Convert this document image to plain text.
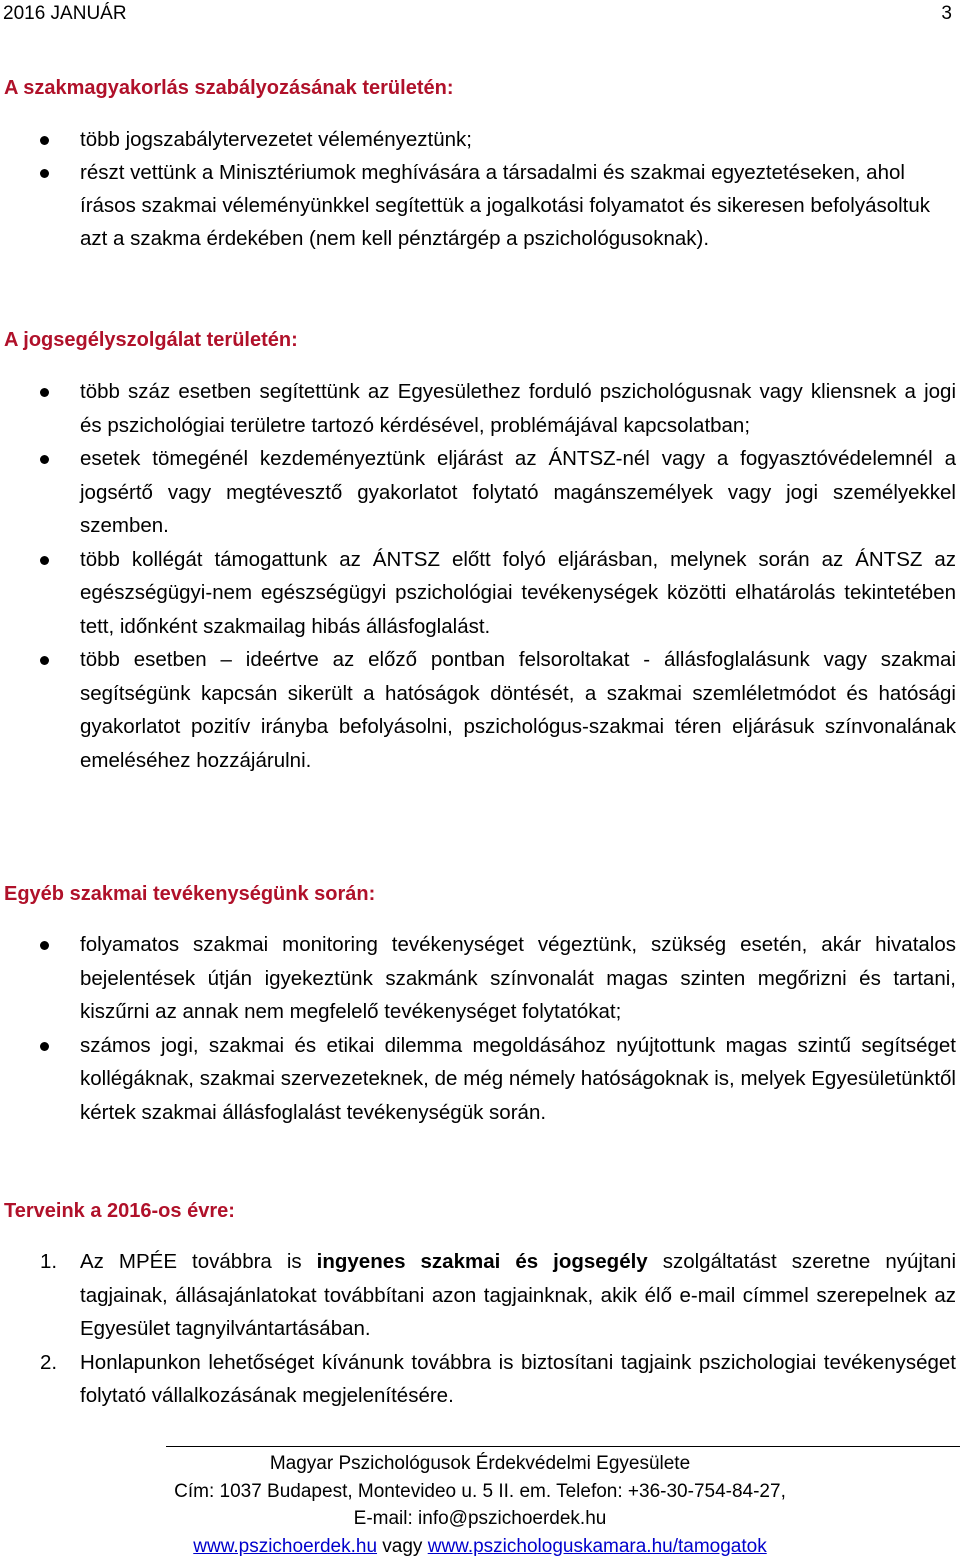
2016 JANUÁR	3
A szakmagyakorlás szabályozásának területén:
több jogszabálytervezetet véleményeztünk;
részt vettünk a Minisztériumok meghívására a társadalmi és szakmai egyeztetéseken, ahol írásos szakmai véleményünkkel segítettük a jogalkotási folyamatot és sikeresen befolyásoltuk azt a szakma érdekében (nem kell pénztárgép a pszichológusoknak).
A jogsegélyszolgálat területén:
több száz esetben segítettünk az Egyesülethez forduló pszichológusnak vagy kliensnek a jogi és pszichológiai területre tartozó kérdésével, problémájával kapcsolatban;
esetek tömegénél kezdeményeztünk eljárást az ÁNTSZ-nél vagy a fogyasztóvédelemnél a jogsértő vagy megtévesztő gyakorlatot folytató magánszemélyek vagy jogi személyekkel szemben.
több kollégát támogattunk az ÁNTSZ előtt folyó eljárásban, melynek során az ÁNTSZ az egészségügyi-nem egészségügyi pszichológiai tevékenységek közötti elhatárolás tekintetében tett, időnként szakmailag hibás állásfoglalást.
több esetben – ideértve az előző pontban felsoroltakat - állásfoglalásunk vagy szakmai segítségünk kapcsán sikerült a hatóságok döntését, a szakmai szemléletmódot és hatósági gyakorlatot pozitív irányba befolyásolni, pszichológus-szakmai téren eljárásuk színvonalának emeléséhez hozzájárulni.
Egyéb szakmai tevékenységünk során:
folyamatos szakmai monitoring tevékenységet végeztünk, szükség esetén, akár hivatalos bejelentések útján igyekeztünk szakmánk színvonalát magas szinten megőrizni és tartani, kiszűrni az annak nem megfelelő tevékenységet folytatókat;
számos jogi, szakmai és etikai dilemma megoldásához nyújtottunk magas szintű segítséget kollégáknak, szakmai szervezeteknek, de még némely hatóságoknak is, melyek Egyesületünktől kértek szakmai állásfoglalást tevékenységük során.
Terveink a 2016-os évre:
1. Az MPÉE továbbra is ingyenes szakmai és jogsegély szolgáltatást szeretne nyújtani tagjainak, állásajánlatokat továbbítani azon tagjainknak, akik élő e-mail címmel szerepelnek az Egyesület tagnyilvántartásában.
2. Honlapunkon lehetőséget kívánunk továbbra is biztosítani tagjaink pszichologiai tevékenységet folytató vállalkozásának megjelenítésére.
Magyar Pszichológusok Érdekvédelmi Egyesülete
Cím: 1037 Budapest, Montevideo u. 5 II. em. Telefon: +36-30-754-84-27,
E-mail: info@pszichoerdek.hu
www.pszichoerdek.hu vagy www.pszichologuskamara.hu/tamogatok
